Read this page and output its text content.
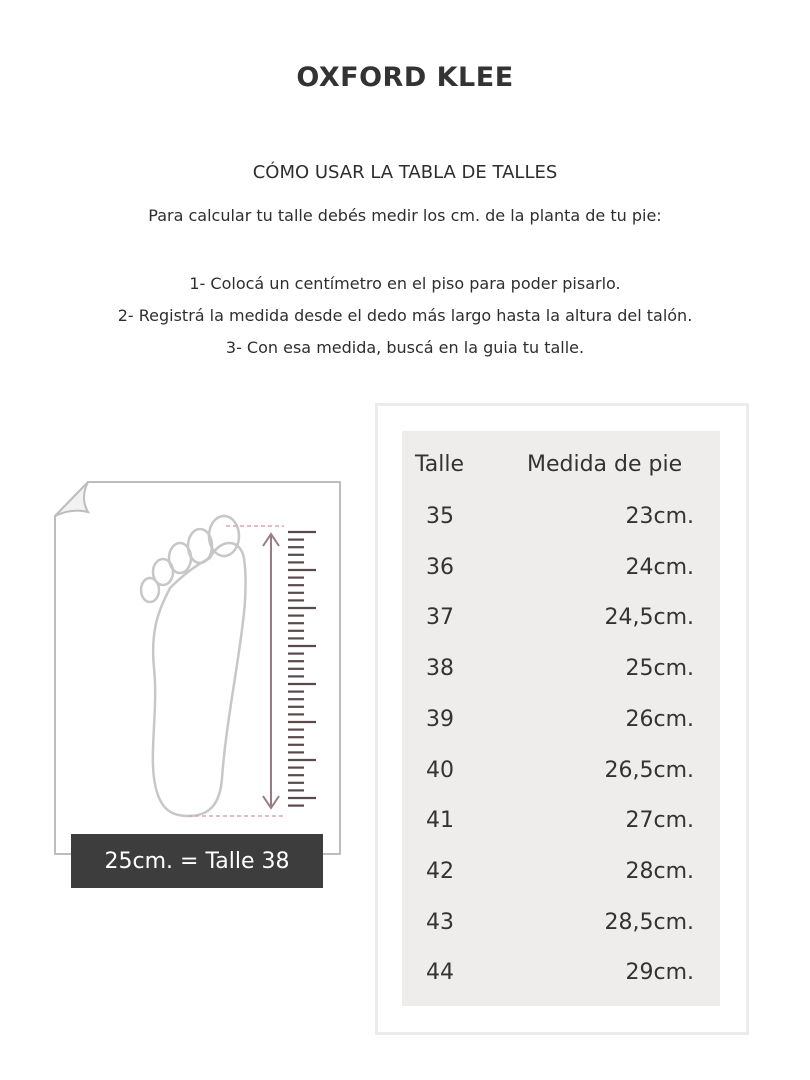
OXFORD KLEE
CÓMO USAR LA TABLA DE TALLES
Para calcular tu talle debés medir los cm. de la planta de tu pie:
1- Colocá un centímetro en el piso para poder pisarlo.
2- Registrá la medida desde el dedo más largo hasta la altura del talón.
3- Con esa medida, buscá en la guia tu talle.
25cm. = Talle 38
Talle	Medida de pie
35	23cm.
36	24cm.
37	24,5cm.
38	25cm.
39	26cm.
40	26,5cm.
41	27cm.
42	28cm.
43	28,5cm.
44	29cm.
